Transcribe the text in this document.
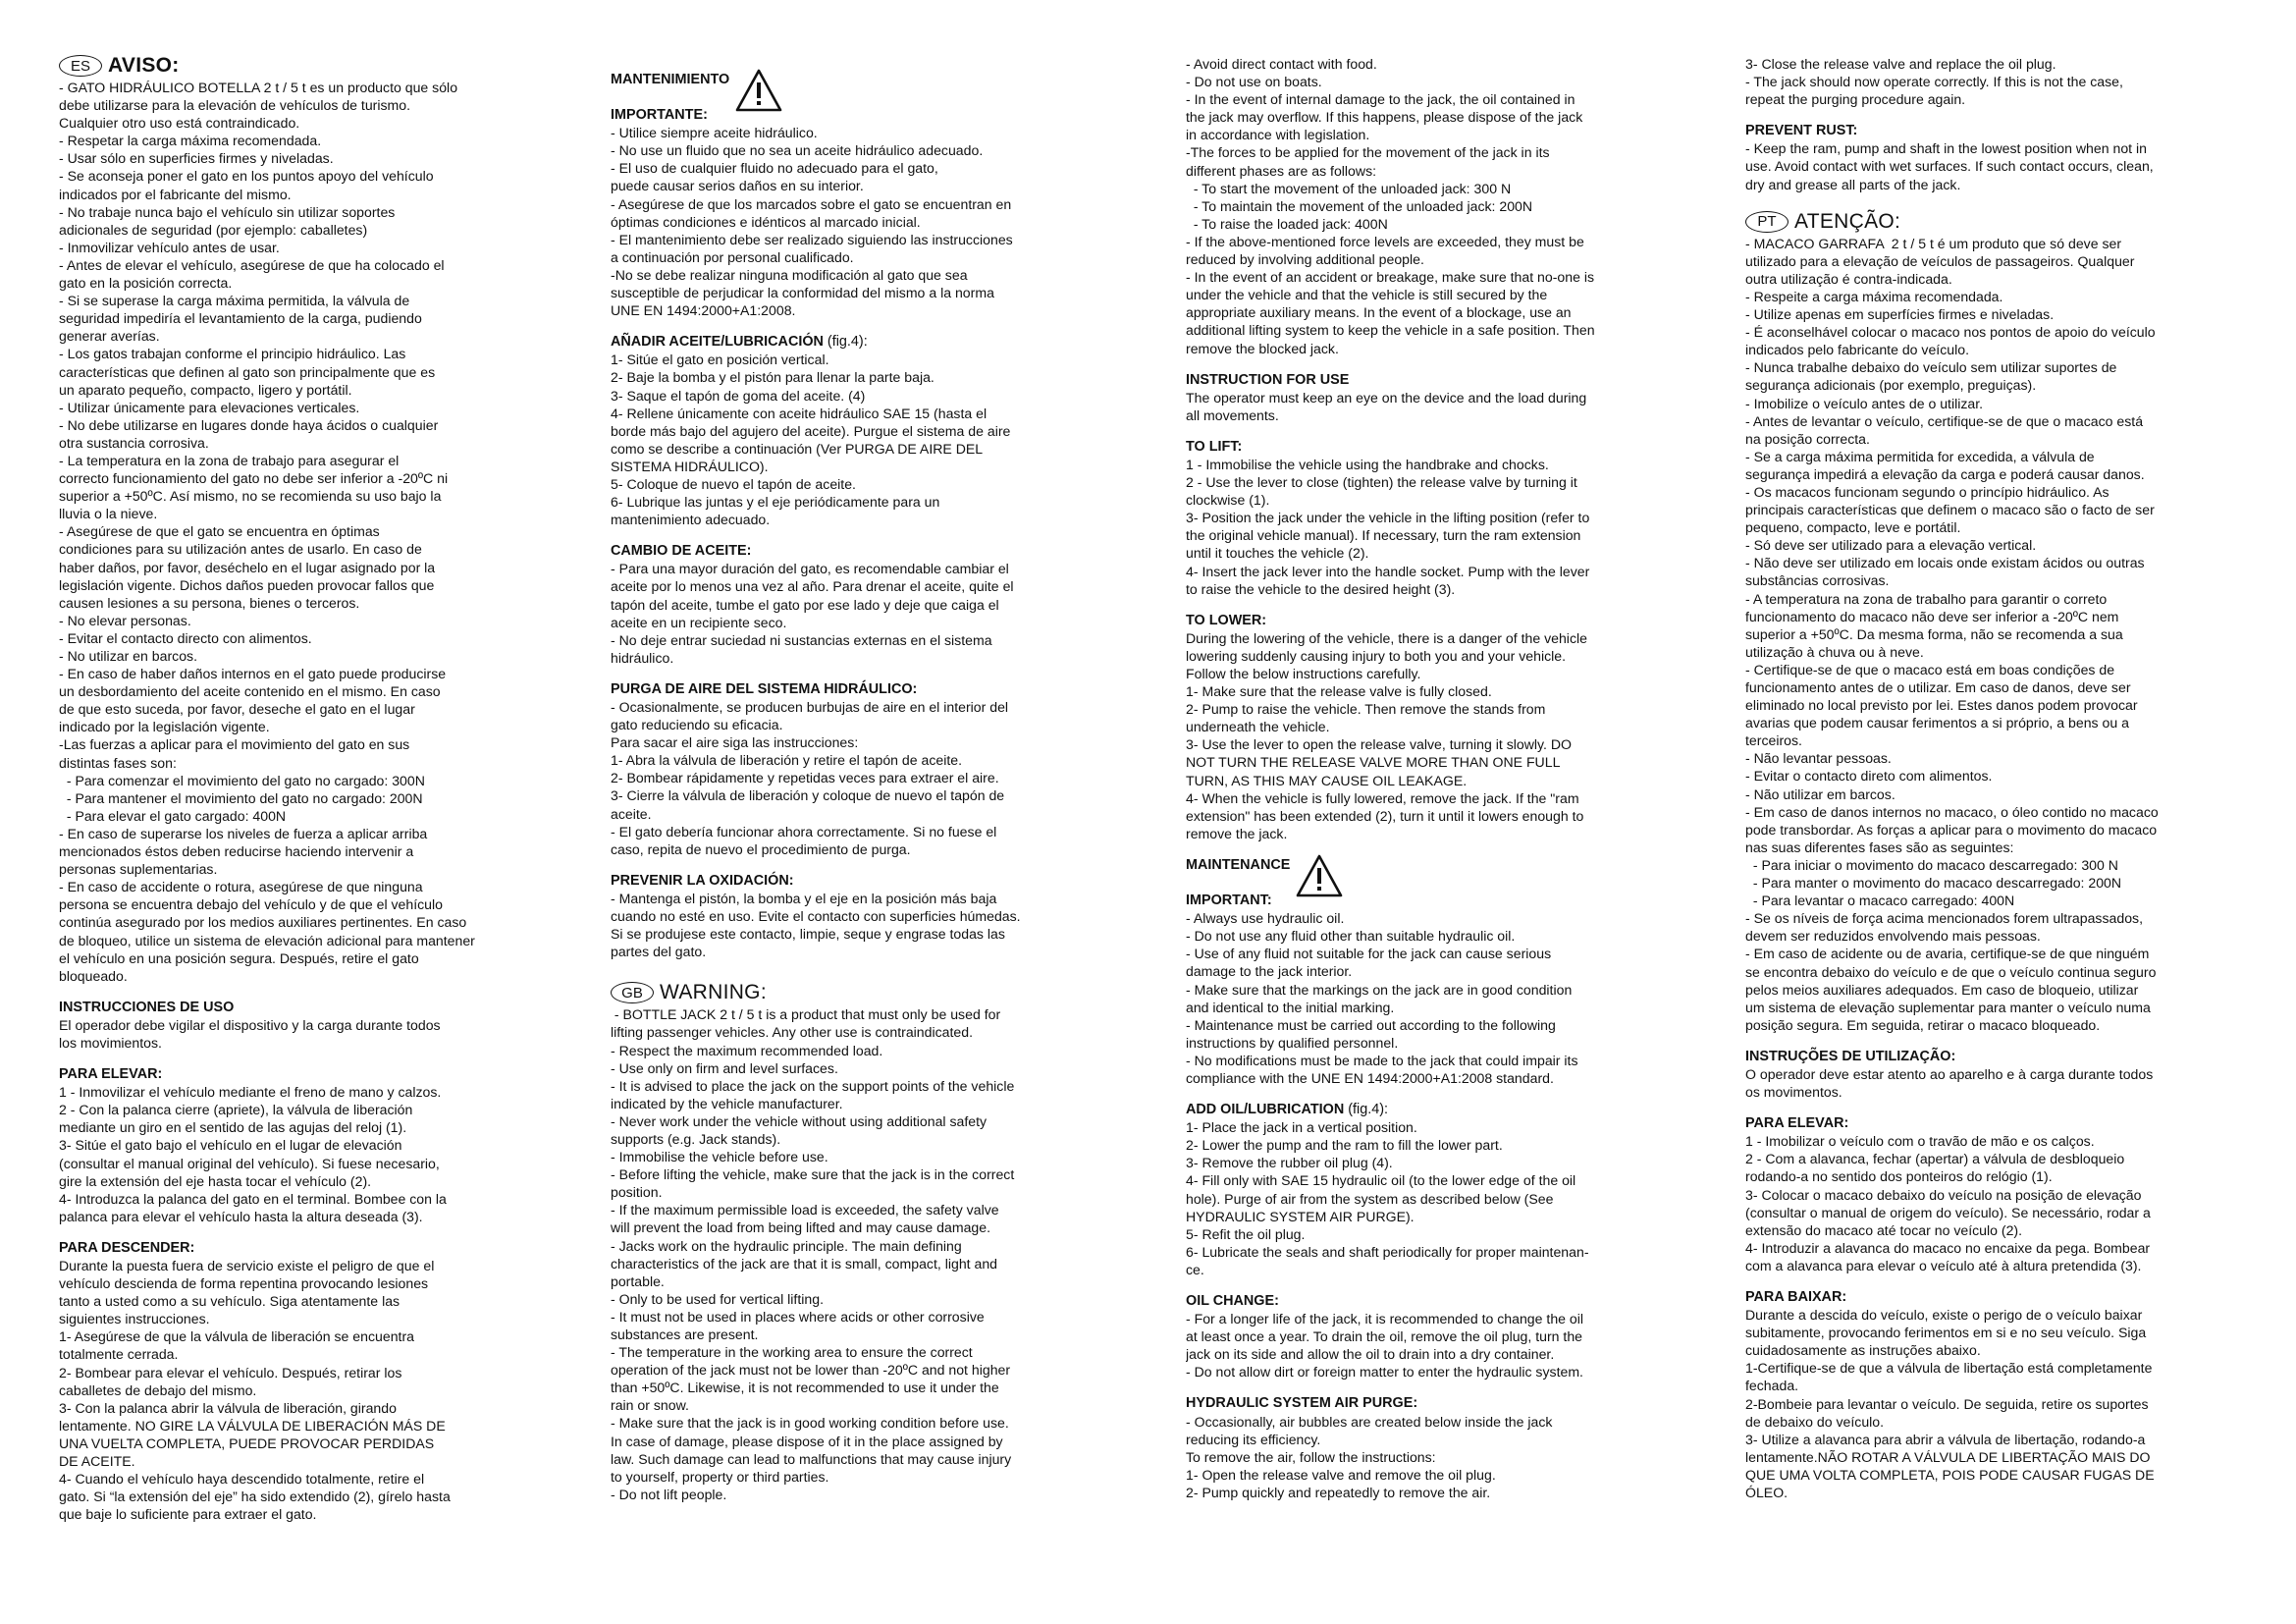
ES AVISO:
- GATO HIDRÁULICO BOTELLA 2 t / 5 t es un producto que sólo
debe utilizarse para la elevación de vehículos de turismo.
Cualquier otro uso está contraindicado.
- Respetar la carga máxima recomendada.
- Usar sólo en superficies firmes y niveladas.
- Se aconseja poner el gato en los puntos apoyo del vehículo
indicados por el fabricante del mismo.
- No trabaje nunca bajo el vehículo sin utilizar soportes
adicionales de seguridad (por ejemplo: caballetes)
- Inmovilizar vehículo antes de usar.
- Antes de elevar el vehículo, asegúrese de que ha colocado el
gato en la posición correcta.
- Si se superase la carga máxima permitida, la válvula de
seguridad impediría el levantamiento de la carga, pudiendo
generar averías.
- Los gatos trabajan conforme el principio hidráulico. Las
características que definen al gato son principalmente que es
un aparato pequeño, compacto, ligero y portátil.
- Utilizar únicamente para elevaciones verticales.
- No debe utilizarse en lugares donde haya ácidos o cualquier
otra sustancia corrosiva.
- La temperatura en la zona de trabajo para asegurar el
correcto funcionamiento del gato no debe ser inferior a -20ºC ni
superior a +50ºC. Así mismo, no se recomienda su uso bajo la
lluvia o la nieve.
- Asegúrese de que el gato se encuentra en óptimas
condiciones para su utilización antes de usarlo. En caso de
haber daños, por favor, deséchelo en el lugar asignado por la
legislación vigente. Dichos daños pueden provocar fallos que
causen lesiones a su persona, bienes o terceros.
- No elevar personas.
- Evitar el contacto directo con alimentos.
- No utilizar en barcos.
- En caso de haber daños internos en el gato puede producirse
un desbordamiento del aceite contenido en el mismo. En caso
de que esto suceda, por favor, deseche el gato en el lugar
indicado por la legislación vigente.
-Las fuerzas a aplicar para el movimiento del gato en sus
distintas fases son:
- Para comenzar el movimiento del gato no cargado: 300N
- Para mantener el movimiento del gato no cargado: 200N
- Para elevar el gato cargado: 400N
- En caso de superarse los niveles de fuerza a aplicar arriba
mencionados éstos deben reducirse haciendo intervenir a
personas suplementarias.
- En caso de accidente o rotura, asegúrese de que ninguna
persona se encuentra debajo del vehículo y de que el vehículo
continúa asegurado por los medios auxiliares pertinentes. En caso
de bloqueo, utilice un sistema de elevación adicional para mantener
el vehículo en una posición segura. Después, retire el gato
bloqueado.
INSTRUCCIONES DE USO
El operador debe vigilar el dispositivo y la carga durante todos
los movimientos.
PARA ELEVAR:
1 - Inmovilizar el vehículo mediante el freno de mano y calzos.
2 - Con la palanca cierre (apriete), la válvula de liberación
mediante un giro en el sentido de las agujas del reloj (1).
3- Sitúe el gato bajo el vehículo en el lugar de elevación
(consultar el manual original del vehículo). Si fuese necesario,
gire la extensión del eje hasta tocar el vehículo (2).
4- Introduzca la palanca del gato en el terminal. Bombee con la
palanca para elevar el vehículo hasta la altura deseada (3).
PARA DESCENDER:
Durante la puesta fuera de servicio existe el peligro de que el
vehículo descienda de forma repentina provocando lesiones
tanto a usted como a su vehículo. Siga atentamente las
siguientes instrucciones.
1- Asegúrese de que la válvula de liberación se encuentra
totalmente cerrada.
2- Bombear para elevar el vehículo. Después, retirar los
caballetes de debajo del mismo.
3- Con la palanca abrir la válvula de liberación, girando
lentamente. NO GIRE LA VÁLVULA DE LIBERACIÓN MÁS DE
UNA VUELTA COMPLETA, PUEDE PROVOCAR PERDIDAS
DE ACEITE.
4- Cuando el vehículo haya descendido totalmente, retire el
gato. Si “la extensión del eje” ha sido extendido (2), gírelo hasta
que baje lo suficiente para extraer el gato.
MANTENIMIENTO
IMPORTANTE:
- Utilice siempre aceite hidráulico.
- No use un fluido que no sea un aceite hidráulico adecuado.
- El uso de cualquier fluido no adecuado para el gato,
puede causar serios daños en su interior.
- Asegúrese de que los marcados sobre el gato se encuentran en
óptimas condiciones e idénticos al marcado inicial.
- El mantenimiento debe ser realizado siguiendo las instrucciones
a continuación por personal cualificado.
-No se debe realizar ninguna modificación al gato que sea
susceptible de perjudicar la conformidad del mismo a la norma
UNE EN 1494:2000+A1:2008.
AÑADIR ACEITE/LUBRICACIÓN (fig.4):
1- Sitúe el gato en posición vertical.
2- Baje la bomba y el pistón para llenar la parte baja.
3- Saque el tapón de goma del aceite. (4)
4- Rellene únicamente con aceite hidráulico SAE 15 (hasta el
borde más bajo del agujero del aceite). Purgue el sistema de aire
como se describe a continuación (Ver PURGA DE AIRE DEL
SISTEMA HIDRÁULICO).
5- Coloque de nuevo el tapón de aceite.
6- Lubrique las juntas y el eje periódicamente para un
mantenimiento adecuado.
CAMBIO DE ACEITE:
- Para una mayor duración del gato, es recomendable cambiar el
aceite por lo menos una vez al año. Para drenar el aceite, quite el
tapón del aceite, tumbe el gato por ese lado y deje que caiga el
aceite en un recipiente seco.
- No deje entrar suciedad ni sustancias externas en el sistema
hidráulico.
PURGA DE AIRE DEL SISTEMA HIDRÁULICO:
- Ocasionalmente, se producen burbujas de aire en el interior del
gato reduciendo su eficacia.
Para sacar el aire siga las instrucciones:
1- Abra la válvula de liberación y retire el tapón de aceite.
2- Bombear rápidamente y repetidas veces para extraer el aire.
3- Cierre la válvula de liberación y coloque de nuevo el tapón de
aceite.
- El gato debería funcionar ahora correctamente. Si no fuese el
caso, repita de nuevo el procedimiento de purga.
PREVENIR LA OXIDACIÓN:
- Mantenga el pistón, la bomba y el eje en la posición más baja
cuando no esté en uso. Evite el contacto con superficies húmedas.
Si se produjese este contacto, limpie, seque y engrase todas las
partes del gato.
GB WARNING:
- BOTTLE JACK 2 t / 5 t is a product that must only be used for
lifting passenger vehicles. Any other use is contraindicated.
- Respect the maximum recommended load.
- Use only on firm and level surfaces.
- It is advised to place the jack on the support points of the vehicle
indicated by the vehicle manufacturer.
- Never work under the vehicle without using additional safety
supports (e.g. Jack stands).
- Immobilise the vehicle before use.
- Before lifting the vehicle, make sure that the jack is in the correct
position.
- If the maximum permissible load is exceeded, the safety valve
will prevent the load from being lifted and may cause damage.
- Jacks work on the hydraulic principle. The main defining
characteristics of the jack are that it is small, compact, light and
portable.
- Only to be used for vertical lifting.
- It must not be used in places where acids or other corrosive
substances are present.
- The temperature in the working area to ensure the correct
operation of the jack must not be lower than -20ºC and not higher
than +50ºC. Likewise, it is not recommended to use it under the
rain or snow.
- Make sure that the jack is in good working condition before use.
In case of damage, please dispose of it in the place assigned by
law. Such damage can lead to malfunctions that may cause injury
to yourself, property or third parties.
- Do not lift people.
- Avoid direct contact with food.
- Do not use on boats.
- In the event of internal damage to the jack, the oil contained in
the jack may overflow. If this happens, please dispose of the jack
in accordance with legislation.
-The forces to be applied for the movement of the jack in its
different phases are as follows:
- To start the movement of the unloaded jack: 300 N
- To maintain the movement of the unloaded jack: 200N
- To raise the loaded jack: 400N
- If the above-mentioned force levels are exceeded, they must be
reduced by involving additional people.
- In the event of an accident or breakage, make sure that no-one is
under the vehicle and that the vehicle is still secured by the
appropriate auxiliary means. In the event of a blockage, use an
additional lifting system to keep the vehicle in a safe position. Then
remove the blocked jack.
INSTRUCTION FOR USE
The operator must keep an eye on the device and the load during
all movements.
TO LIFT:
1 - Immobilise the vehicle using the handbrake and chocks.
2 - Use the lever to close (tighten) the release valve by turning it
clockwise (1).
3- Position the jack under the vehicle in the lifting position (refer to
the original vehicle manual). If necessary, turn the ram extension
until it touches the vehicle (2).
4- Insert the jack lever into the handle socket. Pump with the lever
to raise the vehicle to the desired height (3).
TO LOWER:
During the lowering of the vehicle, there is a danger of the vehicle
lowering suddenly causing injury to both you and your vehicle.
Follow the below instructions carefully.
1- Make sure that the release valve is fully closed.
2- Pump to raise the vehicle. Then remove the stands from
underneath the vehicle.
3- Use the lever to open the release valve, turning it slowly. DO
NOT TURN THE RELEASE VALVE MORE THAN ONE FULL
TURN, AS THIS MAY CAUSE OIL LEAKAGE.
4- When the vehicle is fully lowered, remove the jack. If the "ram
extension" has been extended (2), turn it until it lowers enough to
remove the jack.
MAINTENANCE
IMPORTANT:
- Always use hydraulic oil.
- Do not use any fluid other than suitable hydraulic oil.
- Use of any fluid not suitable for the jack can cause serious
damage to the jack interior.
- Make sure that the markings on the jack are in good condition
and identical to the initial marking.
- Maintenance must be carried out according to the following
instructions by qualified personnel.
- No modifications must be made to the jack that could impair its
compliance with the UNE EN 1494:2000+A1:2008 standard.
ADD OIL/LUBRICATION (fig.4):
1- Place the jack in a vertical position.
2- Lower the pump and the ram to fill the lower part.
3- Remove the rubber oil plug (4).
4- Fill only with SAE 15 hydraulic oil (to the lower edge of the oil
hole). Purge of air from the system as described below (See
HYDRAULIC SYSTEM AIR PURGE).
5- Refit the oil plug.
6- Lubricate the seals and shaft periodically for proper maintenan-
ce.
OIL CHANGE:
- For a longer life of the jack, it is recommended to change the oil
at least once a year. To drain the oil, remove the oil plug, turn the
jack on its side and allow the oil to drain into a dry container.
- Do not allow dirt or foreign matter to enter the hydraulic system.
HYDRAULIC SYSTEM AIR PURGE:
- Occasionally, air bubbles are created below inside the jack
reducing its efficiency.
To remove the air, follow the instructions:
1- Open the release valve and remove the oil plug.
2- Pump quickly and repeatedly to remove the air.
3- Close the release valve and replace the oil plug.
- The jack should now operate correctly. If this is not the case,
repeat the purging procedure again.
PREVENT RUST:
- Keep the ram, pump and shaft in the lowest position when not in
use. Avoid contact with wet surfaces. If such contact occurs, clean,
dry and grease all parts of the jack.
PT ATENÇÃO:
- MACACO GARRAFA  2 t / 5 t é um produto que só deve ser
utilizado para a elevação de veículos de passageiros. Qualquer
outra utilização é contra-indicada.
- Respeite a carga máxima recomendada.
- Utilize apenas em superfícies firmes e niveladas.
- É aconselhável colocar o macaco nos pontos de apoio do veículo
indicados pelo fabricante do veículo.
- Nunca trabalhe debaixo do veículo sem utilizar suportes de
segurança adicionais (por exemplo, preguiças).
- Imobilize o veículo antes de o utilizar.
- Antes de levantar o veículo, certifique-se de que o macaco está
na posição correcta.
- Se a carga máxima permitida for excedida, a válvula de
segurança impedirá a elevação da carga e poderá causar danos.
- Os macacos funcionam segundo o princípio hidráulico. As
principais características que definem o macaco são o facto de ser
pequeno, compacto, leve e portátil.
- Só deve ser utilizado para a elevação vertical.
- Não deve ser utilizado em locais onde existam ácidos ou outras
substâncias corrosivas.
- A temperatura na zona de trabalho para garantir o correto
funcionamento do macaco não deve ser inferior a -20ºC nem
superior a +50ºC. Da mesma forma, não se recomenda a sua
utilização à chuva ou à neve.
- Certifique-se de que o macaco está em boas condições de
funcionamento antes de o utilizar. Em caso de danos, deve ser
eliminado no local previsto por lei. Estes danos podem provocar
avarias que podem causar ferimentos a si próprio, a bens ou a
terceiros.
- Não levantar pessoas.
- Evitar o contacto direto com alimentos.
- Não utilizar em barcos.
- Em caso de danos internos no macaco, o óleo contido no macaco
pode transbordar. As forças a aplicar para o movimento do macaco
nas suas diferentes fases são as seguintes:
- Para iniciar o movimento do macaco descarregado: 300 N
- Para manter o movimento do macaco descarregado: 200N
- Para levantar o macaco carregado: 400N
- Se os níveis de força acima mencionados forem ultrapassados,
devem ser reduzidos envolvendo mais pessoas.
- Em caso de acidente ou de avaria, certifique-se de que ninguém
se encontra debaixo do veículo e de que o veículo continua seguro
pelos meios auxiliares adequados. Em caso de bloqueio, utilizar
um sistema de elevação suplementar para manter o veículo numa
posição segura. Em seguida, retirar o macaco bloqueado.
INSTRUÇÕES DE UTILIZAÇÃO:
O operador deve estar atento ao aparelho e à carga durante todos
os movimentos.
PARA ELEVAR:
1 - Imobilizar o veículo com o travão de mão e os calços.
2 - Com a alavanca, fechar (apertar) a válvula de desbloqueio
rodando-a no sentido dos ponteiros do relógio (1).
3- Colocar o macaco debaixo do veículo na posição de elevação
(consultar o manual de origem do veículo). Se necessário, rodar a
extensão do macaco até tocar no veículo (2).
4- Introduzir a alavanca do macaco no encaixe da pega. Bombear
com a alavanca para elevar o veículo até à altura pretendida (3).
PARA BAIXAR:
Durante a descida do veículo, existe o perigo de o veículo baixar
subitamente, provocando ferimentos em si e no seu veículo. Siga
cuidadosamente as instruções abaixo.
1-Certifique-se de que a válvula de libertação está completamente
fechada.
2-Bombeie para levantar o veículo. De seguida, retire os suportes
de debaixo do veículo.
3- Utilize a alavanca para abrir a válvula de libertação, rodando-a
lentamente.NÃO ROTAR A VÁLVULA DE LIBERTAÇÃO MAIS DO
QUE UMA VOLTA COMPLETA, POIS PODE CAUSAR FUGAS DE
ÓLEO.
